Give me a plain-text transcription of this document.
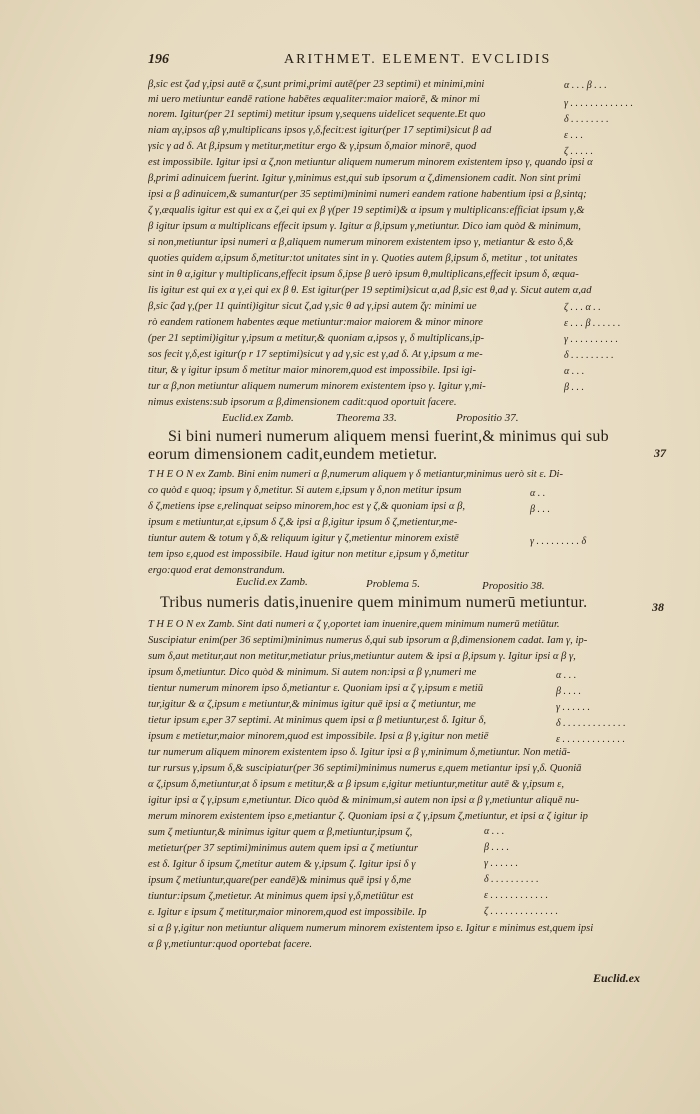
196	ARITHMET. ELEMENT. EVCLIDIS
β,sic est ζad γ,ipsi autē α ζ,sunt primi,primi autē(per 23 septimi) et minimi,mini
mi uero metiuntur eandē ratione habētes æqualiter:maior maiorē, & minor mi
norem. Igitur(per 21 septimi) metitur ipsum γ,sequens uidelicet sequente.Et quo
niam αγ,ipsos αβ γ,multiplicans ipsos γ,δ,fecit:est igitur(per 17 septimi)sicut β ad
γsic γ ad δ. At β,ipsum γ metitur,metitur ergo & γ,ipsum δ,maior minorē, quod
est impossibile. Igitur ipsi α ζ,non metiuntur aliquem numerum minorem existentem ipso γ, quando ipsi α
β,primi adinuicem fuerint. Igitur γ,minimus est,qui sub ipsorum α ζ,dimensionem cadit. Non sint primi
ipsi α β adinuicem,& sumantur(per 35 septimi)minimi numeri eandem ratione habentium ipsi α β,sintq;
ζ γ,æqualis igitur est qui ex α ζ,ei qui ex β γ(per 19 septimi)& α ipsum γ multiplicans:efficiat ipsum γ,&
β igitur ipsum α multiplicans effecit ipsum γ. Igitur α β,ipsum γ,metiuntur. Dico iam quòd & minimum,
si non,metiuntur ipsi numeri α β,aliquem numerum minorem existentem ipso γ, metiantur & esto δ,&
quoties quidem α,ipsum δ,metitur:tot unitates sint in γ. Quoties autem β,ipsum δ, metitur , tot unitates
sint in θ α,igitur γ multiplicans,effecit ipsum δ,ipse β uerò ipsum θ,multiplicans,effecit ipsum δ, æqua-
lis igitur est qui ex α γ,ei qui ex β θ. Est igitur(per 19 septimi)sicut α,ad β,sic est θ,ad γ. Sicut autem α,ad
β,sic ζad γ,(per 11 quinti)igitur sicut ζ,ad γ,sic θ ad γ,ipsi autem ζγ: minimi ue
rò eandem rationem habentes æque metiuntur:maior maiorem & minor minore
(per 21 septimi)igitur γ,ipsum α metitur,& quoniam α,ipsos γ, δ multiplicans,ip-
sos fecit γ,δ,est igitur(p r 17 septimi)sicut γ ad γ,sic est γ,ad δ. At γ,ipsum α me-
titur, & γ igitur ipsum δ metitur maior minorem,quod est impossibile. Ipsi igi-
tur α β,non metiuntur aliquem numerum minorem existentem ipso γ. Igitur γ,mi-
nimus existens:sub ipsorum α β,dimensionem cadit:quod oportuit facere.
α . . . β . . .
γ . . . . . . . . . . . . .
δ . . . . . . . .
ε . . .
ζ . . . . .
ζ . . . α . .
ε . . . β . . . . . .
γ . . . . . . . . . .
δ . . . . . . . . .
α . . .
β . . .
Euclid.ex Zamb.	Theorema 33.	Propositio 37.
Si bini numeri numerum aliquem mensi fuerint,& minimus qui sub
eorum dimensionem cadit,eundem metietur.	37
T H E O N ex Zamb. Bini enim numeri α β,numerum aliquem γ δ metiantur,minimus uerò sit ε. Di-
co quòd ε quoq; ipsum γ δ,metitur. Si autem ε,ipsum γ δ,non metitur ipsum
δ ζ,metiens ipse ε,relinquat seipso minorem,hoc est γ ζ,& quoniam ipsi α β,
ipsum ε metiuntur,at ε,ipsum δ ζ,& ipsi α β,igitur ipsum δ ζ,metientur,me-
tiuntur autem & totum γ δ,& reliquum igitur γ ζ,metientur minorem existē
tem ipso ε,quod est impossibile. Haud igitur non metitur ε,ipsum γ δ,metitur
ergo:quod erat demonstrandum.
α . .
β . . .
γ . . . . . . . . . δ
Euclid.ex Zamb.	Problema 5.	Propositio 38.
Tribus numeris datis,inuenire quem minimum numerū metiuntur.	38
T H E O N ex Zamb. Sint dati numeri α ζ γ,oportet iam inuenire,quem minimum numerū metiūtur.
Suscipiatur enim(per 36 septimi)minimus numerus δ,qui sub ipsorum α β,dimensionem cadat. Iam γ, ip-
sum δ,aut metitur,aut non metitur,metiatur prius,metiuntur autem & ipsi α β,ipsum γ. Igitur ipsi α β γ,
ipsum δ,metiuntur. Dico quòd & minimum. Si autem non:ipsi α β γ,numeri me
tientur numerum minorem ipso δ,metiantur ε. Quoniam ipsi α ζ γ,ipsum ε metiū
tur,igitur & α ζ,ipsum ε metiuntur,& minimus igitur quē ipsi α ζ metiuntur, me
tietur ipsum ε,per 37 septimi. At minimus quem ipsi α β metiuntur,est δ. Igitur δ,
ipsum ε metietur,maior minorem,quod est impossibile. Ipsi α β γ,igitur non metiē
tur numerum aliquem minorem existentem ipso δ. Igitur ipsi α β γ,minimum δ,metiuntur. Non metiā-
tur rursus γ,ipsum δ,& suscipiatur(per 36 septimi)minimus numerus ε,quem metiantur ipsi γ,δ. Quoniā
α ζ,ipsum δ,metiuntur,at δ ipsum ε metitur,& α β ipsum ε,igitur metiuntur,metitur autē & γ,ipsum ε,
igitur ipsi α ζ γ,ipsum ε,metiuntur. Dico quòd & minimum,si autem non ipsi α β γ,metiuntur aliquē nu-
merum minorem existentem ipso ε,metiantur ζ. Quoniam ipsi α ζ γ,ipsum ζ,metiuntur, et ipsi α ζ igitur ip
sum ζ metiuntur,& minimus igitur quem α β,metiuntur,ipsum ζ,
metietur(per 37 septimi)minimus autem quem ipsi α ζ metiuntur
est δ. Igitur δ ipsum ζ,metitur autem & γ,ipsum ζ. Igitur ipsi δ γ
ipsum ζ metiuntur,quare(per eandē)& minimus quē ipsi γ δ,me
tiuntur:ipsum ζ,metietur. At minimus quem ipsi γ,δ,metiūtur est
ε. Igitur ε ipsum ζ metitur,maior minorem,quod est impossibile. Ip
si α β γ,igitur non metiuntur aliquem numerum minorem existentem ipso ε. Igitur ε minimus est,quem ipsi
α β γ,metiuntur:quod oportebat facere.
α . . .
β . . . .
γ . . . . . .
δ . . . . . . . . . . . . .
ε . . . . . . . . . . . . .
α . . .
β . . . .
γ . . . . . .
δ . . . . . . . . . .
ε . . . . . . . . . . . .
ζ . . . . . . . . . . . . . .
Euclid.ex
